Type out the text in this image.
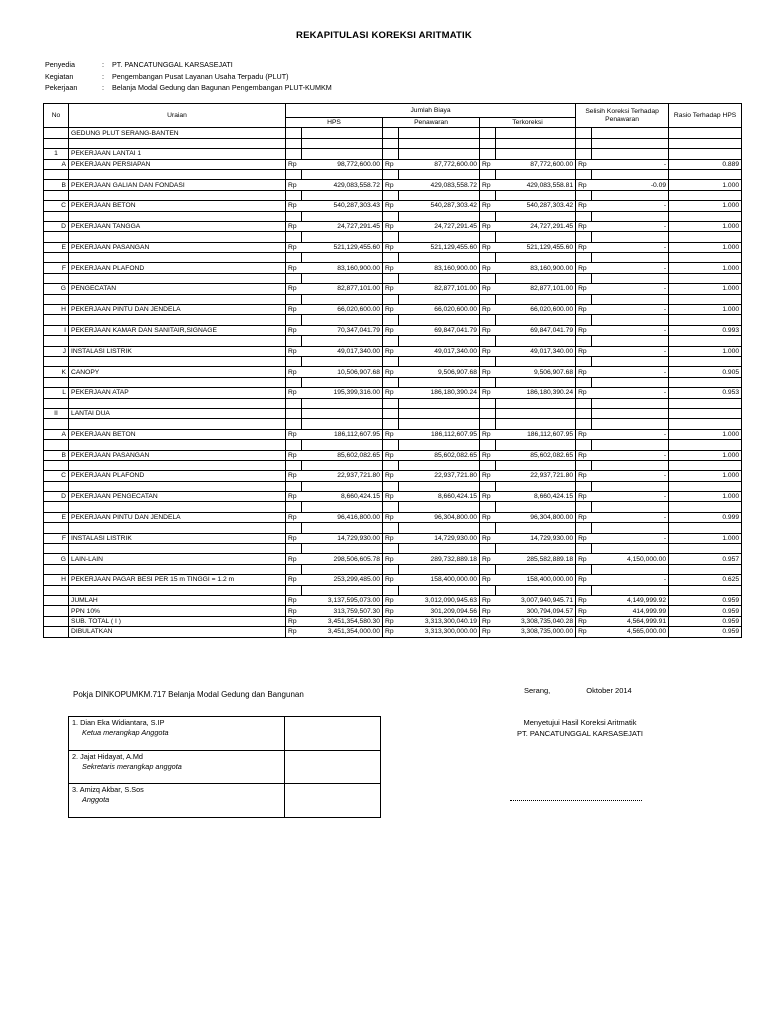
REKAPITULASI KOREKSI ARITMATIK
Penyedia	:	PT. PANCATUNGGAL KARSASEJATI
Kegiatan	:	Pengembangan Pusat Layanan Usaha Terpadu (PLUT)
Pekerjaan	:	Belanja Modal Gedung dan Bagunan Pengembangan PLUT-KUMKM
No	Uraian	Jumlah Biaya						Selisih Koreksi Terhadap Penawaran		Rasio Terhadap HPS
		HPS		Penawaran		Terkoreksi				
	GEDUNG PLUT SERANG-BANTEN									

1	PEKERJAAN LANTAI 1									
A	PEKERJAAN PERSIAPAN	Rp	98,772,600.00	Rp	87,772,600.00	Rp	87,772,600.00	Rp	-	0.889

B	PEKERJAAN GALIAN DAN FONDASI	Rp	429,083,558.72	Rp	429,083,558.72	Rp	429,083,558.81	Rp	-0.09	1.000

C	PEKERJAAN BETON	Rp	540,287,303.43	Rp	540,287,303.42	Rp	540,287,303.42	Rp	-	1.000

D	PEKERJAAN TANGGA	Rp	24,727,291.45	Rp	24,727,291.45	Rp	24,727,291.45	Rp	-	1.000

E	PEKERJAAN PASANGAN	Rp	521,129,455.60	Rp	521,129,455.60	Rp	521,129,455.60	Rp	-	1.000

F	PEKERJAAN PLAFOND	Rp	83,160,900.00	Rp	83,160,900.00	Rp	83,160,900.00	Rp	-	1.000

G	PENGECATAN	Rp	82,877,101.00	Rp	82,877,101.00	Rp	82,877,101.00	Rp	-	1.000

H	PEKERJAAN PINTU DAN JENDELA	Rp	66,020,600.00	Rp	66,020,600.00	Rp	66,020,600.00	Rp	-	1.000

I	PEKERJAAN KAMAR DAN SANITAIR,SIGNAGE	Rp	70,347,041.79	Rp	69,847,041.79	Rp	69,847,041.79	Rp	-	0.993

J	INSTALASI LISTRIK	Rp	49,017,340.00	Rp	49,017,340.00	Rp	49,017,340.00	Rp	-	1.000

K	CANOPY	Rp	10,506,907.68	Rp	9,506,907.68	Rp	9,506,907.68	Rp	-	0.905

L	PEKERJAAN ATAP	Rp	195,399,316.00	Rp	186,180,390.24	Rp	186,180,390.24	Rp	-	0.953

II	LANTAI DUA									

A	PEKERJAAN BETON	Rp	186,112,607.95	Rp	186,112,607.95	Rp	186,112,607.95	Rp	-	1.000

B	PEKERJAAN PASANGAN	Rp	85,602,082.65	Rp	85,602,082.65	Rp	85,602,082.65	Rp	-	1.000

C	PEKERJAAN PLAFOND	Rp	22,937,721.80	Rp	22,937,721.80	Rp	22,937,721.80	Rp	-	1.000

D	PEKERJAAN PENGECATAN	Rp	8,660,424.15	Rp	8,660,424.15	Rp	8,660,424.15	Rp	-	1.000

E	PEKERJAAN PINTU DAN JENDELA	Rp	96,416,800.00	Rp	96,304,800.00	Rp	96,304,800.00	Rp	-	0.999

F	INSTALASI LISTRIK	Rp	14,729,930.00	Rp	14,729,930.00	Rp	14,729,930.00	Rp	-	1.000

G	LAIN-LAIN	Rp	298,506,605.78	Rp	289,732,889.18	Rp	285,582,889.18	Rp	4,150,000.00	0.957

H	PEKERJAAN PAGAR BESI PER 15 m TINGGI = 1.2 m	Rp	253,299,485.00	Rp	158,400,000.00	Rp	158,400,000.00	Rp	-	0.625

	JUMLAH	Rp	3,137,595,073.00	Rp	3,012,090,945.63	Rp	3,007,940,945.71	Rp	4,149,999.92	0.959
	PPN 10%	Rp	313,759,507.30	Rp	301,209,094.56	Rp	300,794,094.57	Rp	414,999.99	0.959
	SUB. TOTAL ( I )	Rp	3,451,354,580.30	Rp	3,313,300,040.19	Rp	3,308,735,040.28	Rp	4,564,999.91	0.959
	DIBULATKAN	Rp	3,451,354,000.00	Rp	3,313,300,000.00	Rp	3,308,735,000.00	Rp	4,565,000.00	0.959
Pokja DINKOPUMKM.717 Belanja Modal Gedung dan Bangunan	Serang,	Oktober 2014
1. Dian Eka Widiantara, S.IP
Ketua merangkap Anggota	

2. Jajat Hidayat, A.Md
Sekretaris merangkap anggota	

3. Amizq Akbar, S.Sos
Anggota	

Menyetujui Hasil Koreksi Aritmatik
PT. PANCATUNGGAL KARSASEJATI
